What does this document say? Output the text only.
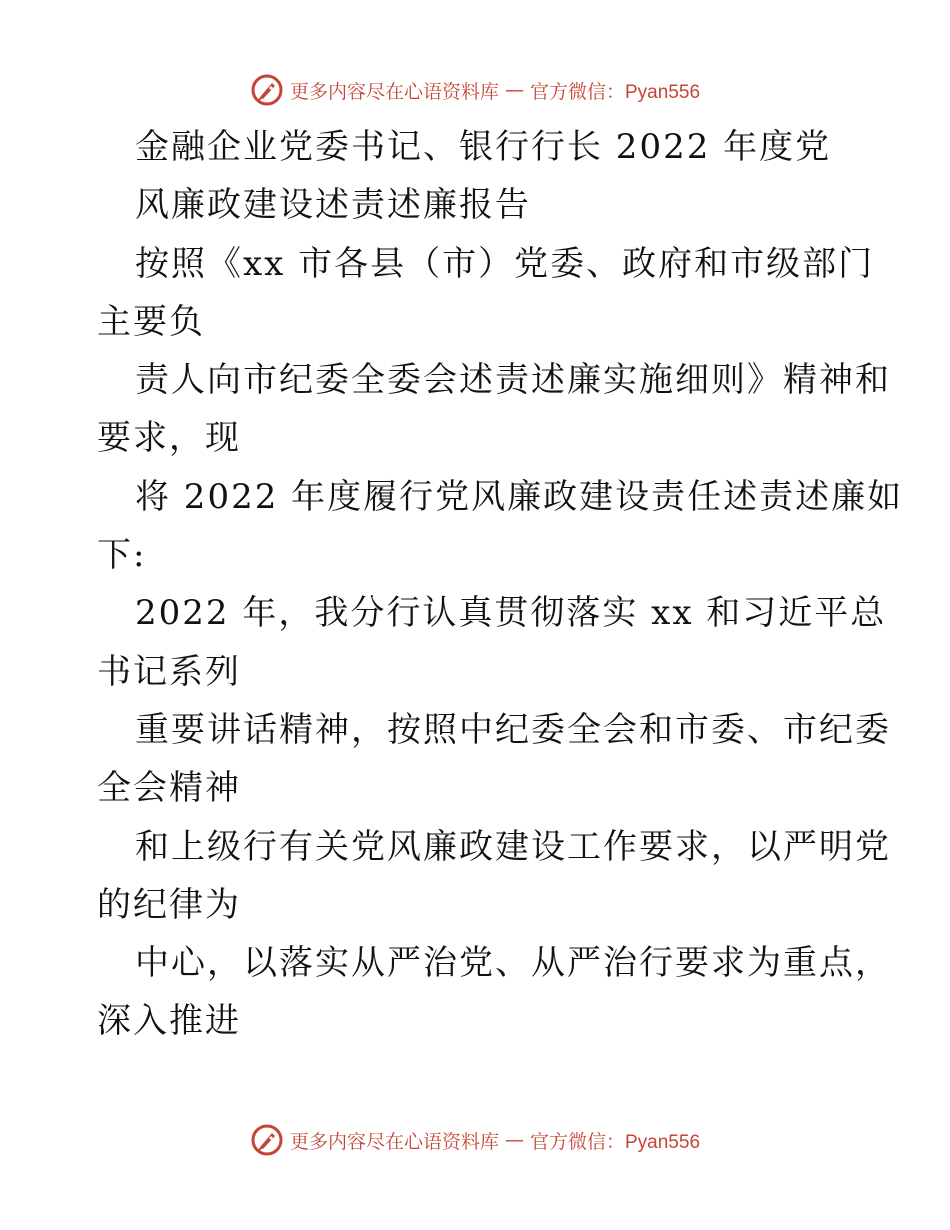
更多内容尽在心语资料库 — 官方微信：Pyan556
金融企业党委书记、银行行长 2022 年度党
风廉政建设述责述廉报告
按照《xx 市各县（市）党委、政府和市级部门
主要负
责人向市纪委全委会述责述廉实施细则》精神和
要求，现
将 2022 年度履行党风廉政建设责任述责述廉如
下:
2022 年，我分行认真贯彻落实 xx 和习近平总
书记系列
重要讲话精神，按照中纪委全会和市委、市纪委
全会精神
和上级行有关党风廉政建设工作要求，以严明党
的纪律为
中心，以落实从严治党、从严治行要求为重点，
深入推进
更多内容尽在心语资料库 — 官方微信：Pyan556
